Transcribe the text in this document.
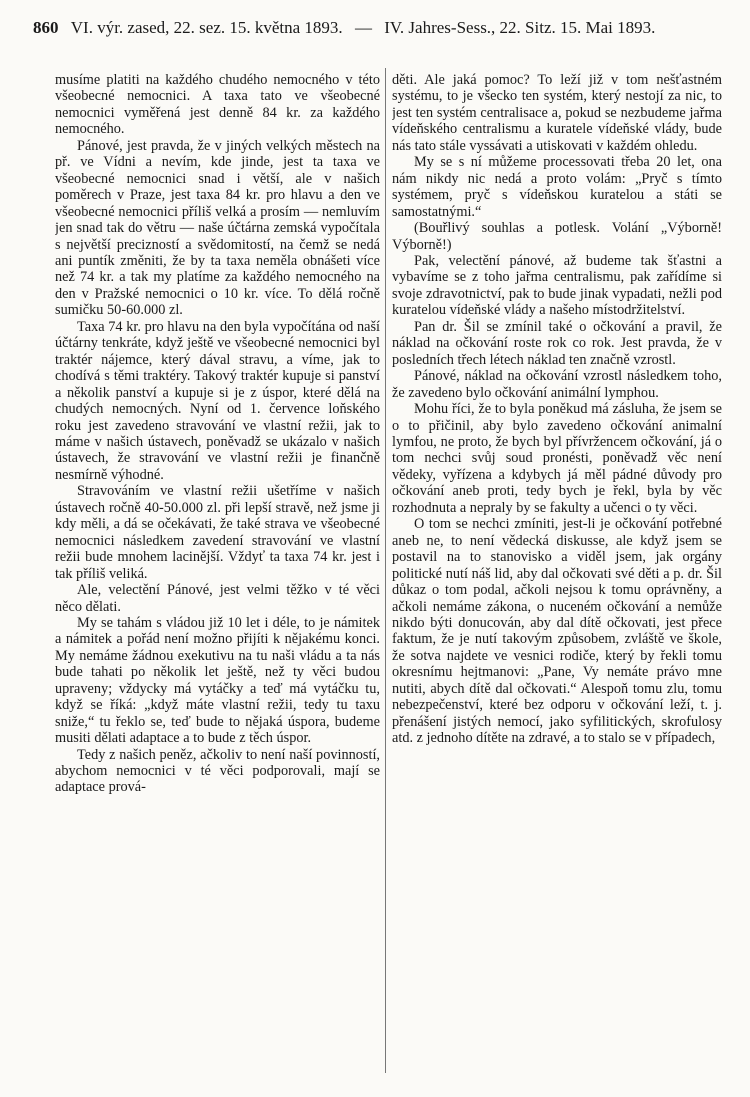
860 VI. výr. zased, 22. sez. 15. května 1893. — IV. Jahres-Sess., 22. Sitz. 15. Mai 1893.

musíme platiti na každého chudého nemocného v této všeobecné nemocnici. A taxa tato ve všeobecné nemocnici vyměřená jest denně 84 kr. za každého nemocného.

Pánové, jest pravda, že v jiných velkých městech na př. ve Vídni a nevím, kde jinde, jest ta taxa ve všeobecné nemocnici snad i větší, ale v našich poměrech v Praze, jest taxa 84 kr. pro hlavu a den ve všeobecné nemocnici příliš velká a prosím — nemluvím jen snad tak do větru — naše účtárna zemská vypočítala s největší precizností a svědomitostí, na čemž se nedá ani puntík změniti, že by ta taxa neměla obnášeti více než 74 kr. a tak my platíme za každého nemocného na den v Pražské nemocnici o 10 kr. více. To dělá ročně sumičku 50-60.000 zl.

Taxa 74 kr. pro hlavu na den byla vypočítána od naší účtárny tenkráte, když ještě ve všeobecné nemocnici byl traktér nájemce, který dával stravu, a víme, jak to chodívá s těmi traktéry. Takový traktér kupuje si panství a několik panství a kupuje si je z úspor, které dělá na chudých nemocných. Nyní od 1. července loňského roku jest zavedeno stravování ve vlastní režii, jak to máme v našich ústavech, poněvadž se ukázalo v našich ústavech, že stravování ve vlastní režii je finančně nesmírně výhodné.

Stravováním ve vlastní režii ušetříme v našich ústavech ročně 40-50.000 zl. při lepší stravě, než jsme ji kdy měli, a dá se očekávati, že také strava ve všeobecné nemocnici následkem zavedení stravování ve vlastní režii bude mnohem lacinější. Vždyť ta taxa 74 kr. jest i tak příliš veliká.

Ale, velectění Pánové, jest velmi těžko v té věci něco dělati.

My se tahám s vládou již 10 let i déle, to je námitek a námitek a pořád není možno přijíti k nějakému konci. My nemáme žádnou exekutivu na tu naši vládu a ta nás bude tahati po několik let ještě, než ty věci budou upraveny; vždycky má vytáčky a teď má vytáčku tu, když se říká: „když máte vlastní režii, tedy tu taxu sniže,“ tu řeklo se, teď bude to nějaká úspora, budeme musiti dělati adaptace a to bude z těch úspor.

Tedy z našich peněz, ačkoliv to není naší povinností, abychom nemocnici v té věci podporovali, mají se adaptace prová-

děti. Ale jaká pomoc? To leží již v tom nešťastném systému, to je všecko ten systém, který nestojí za nic, to jest ten systém centralisace a, pokud se nezbudeme jařma vídeňského centralismu a kuratele vídeňské vlády, bude nás tato stále vyssávati a utiskovati v každém ohledu.

My se s ní můžeme processovati třeba 20 let, ona nám nikdy nic nedá a proto volám: „Pryč s tímto systémem, pryč s vídeňskou kuratelou a státi se samostatnými.“

(Bouřlivý souhlas a potlesk. Volání „Výborně! Výborně!)

Pak, velectění pánové, až budeme tak šťastni a vybavíme se z toho jařma centralismu, pak zařídíme si svoje zdravotnictví, pak to bude jinak vypadati, nežli pod kuratelou vídeňské vlády a našeho místodržitelství.

Pan dr. Šil se zmínil také o očkování a pravil, že náklad na očkování roste rok co rok. Jest pravda, že v posledních třech létech náklad ten značně vzrostl.

Pánové, náklad na očkování vzrostl následkem toho, že zavedeno bylo očkování animální lymphou.

Mohu říci, že to byla poněkud má zásluha, že jsem se o to přičinil, aby bylo zavedeno očkování animalní lymfou, ne proto, že bych byl přívržencem očkování, já o tom nechci svůj soud pronésti, poněvadž věc není vědeky, vyřízena a kdybych já měl pádné důvody pro očkování aneb proti, tedy bych je řekl, byla by věc rozhodnuta a nepraly by se fakulty a učenci o ty věci.

O tom se nechci zmíniti, jest-li je očkování potřebné aneb ne, to není vědecká diskusse, ale když jsem se postavil na to stanovisko a viděl jsem, jak orgány politické nutí náš lid, aby dal očkovati své děti a p. dr. Šil důkaz o tom podal, ačkoli nejsou k tomu oprávněny, a ačkoli nemáme zákona, o nuceném očkování a nemůže nikdo býti donucován, aby dal dítě očkovati, jest přece faktum, že je nutí takovým způsobem, zvláště ve škole, že sotva najdete ve vesnici rodiče, který by řekli tomu okresnímu hejtmanovi: „Pane, Vy nemáte právo mne nutiti, abych dítě dal očkovati.“ Alespoň tomu zlu, tomu nebezpečenství, které bez odporu v očkování leží, t. j. přenášení jistých nemocí, jako syfilitických, skrofulosy atd. z jednoho dítěte na zdravé, a to stalo se v případech,
